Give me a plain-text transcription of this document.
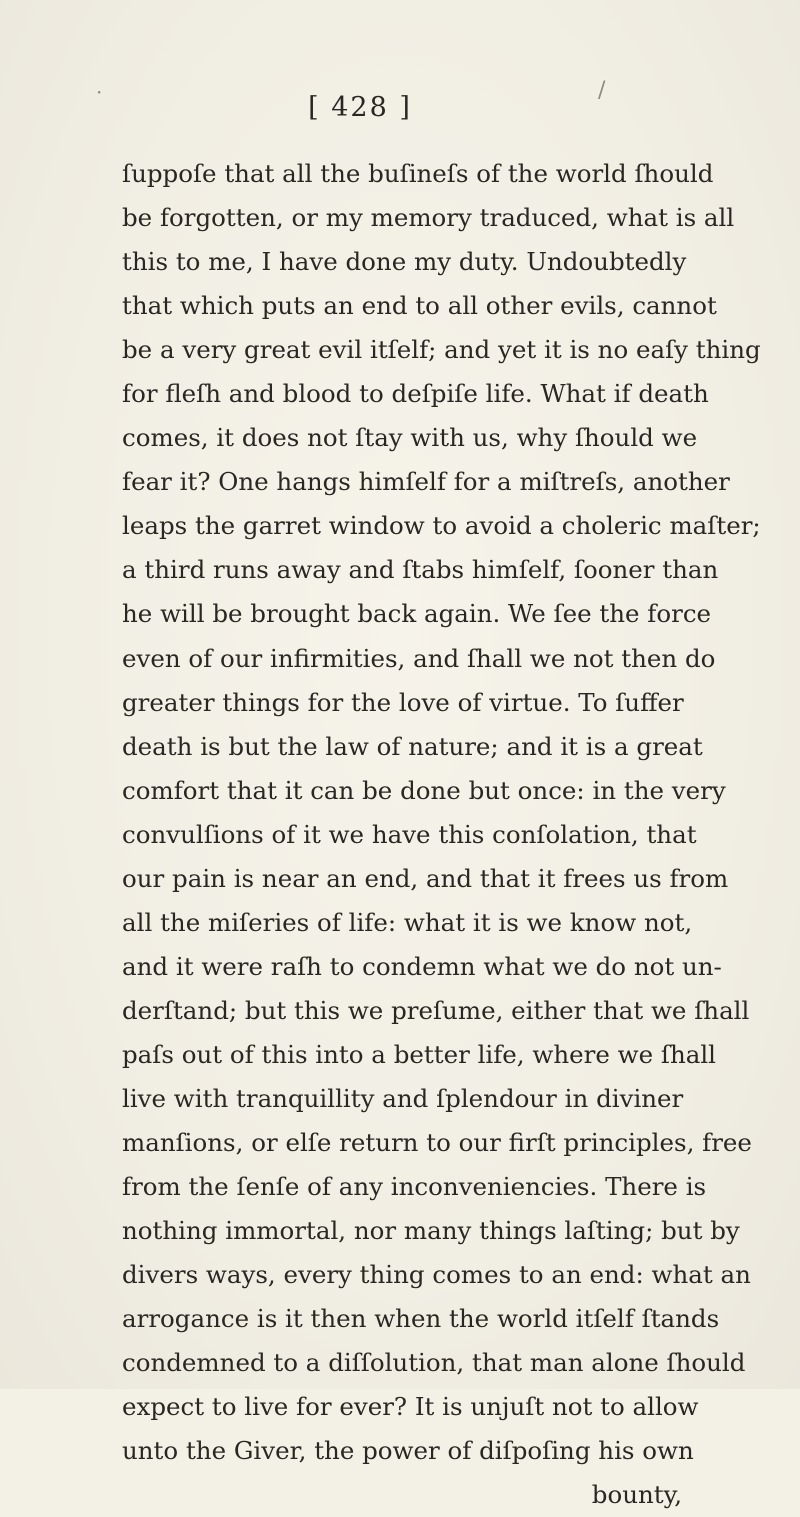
[ 428 ]
·	/
ſuppoſe that all the buſineſs of the world ſhould
be forgotten, or my memory traduced, what is all
this to me, I have done my duty. Undoubtedly
that which puts an end to all other evils, cannot
be a very great evil itſelf; and yet it is no eaſy thing
for fleſh and blood to deſpiſe life. What if death
comes, it does not ſtay with us, why ſhould we
fear it? One hangs himſelf for a miſtreſs, another
leaps the garret window to avoid a choleric maſter;
a third runs away and ſtabs himſelf, ſooner than
he will be brought back again. We ſee the force
even of our infirmities, and ſhall we not then do
greater things for the love of virtue. To ſuffer
death is but the law of nature; and it is a great
comfort that it can be done but once: in the very
convulſions of it we have this conſolation, that
our pain is near an end, and that it frees us from
all the miſeries of life: what it is we know not,
and it were raſh to condemn what we do not un-
derſtand; but this we preſume, either that we ſhall
paſs out of this into a better life, where we ſhall
live with tranquillity and ſplendour in diviner
manſions, or elſe return to our firſt principles, free
from the ſenſe of any inconveniencies. There is
nothing immortal, nor many things laſting; but by
divers ways, every thing comes to an end: what an
arrogance is it then when the world itſelf ſtands
condemned to a diſſolution, that man alone ſhould
expect to live for ever? It is unjuſt not to allow
unto the Giver, the power of diſpoſing his own
bounty,
